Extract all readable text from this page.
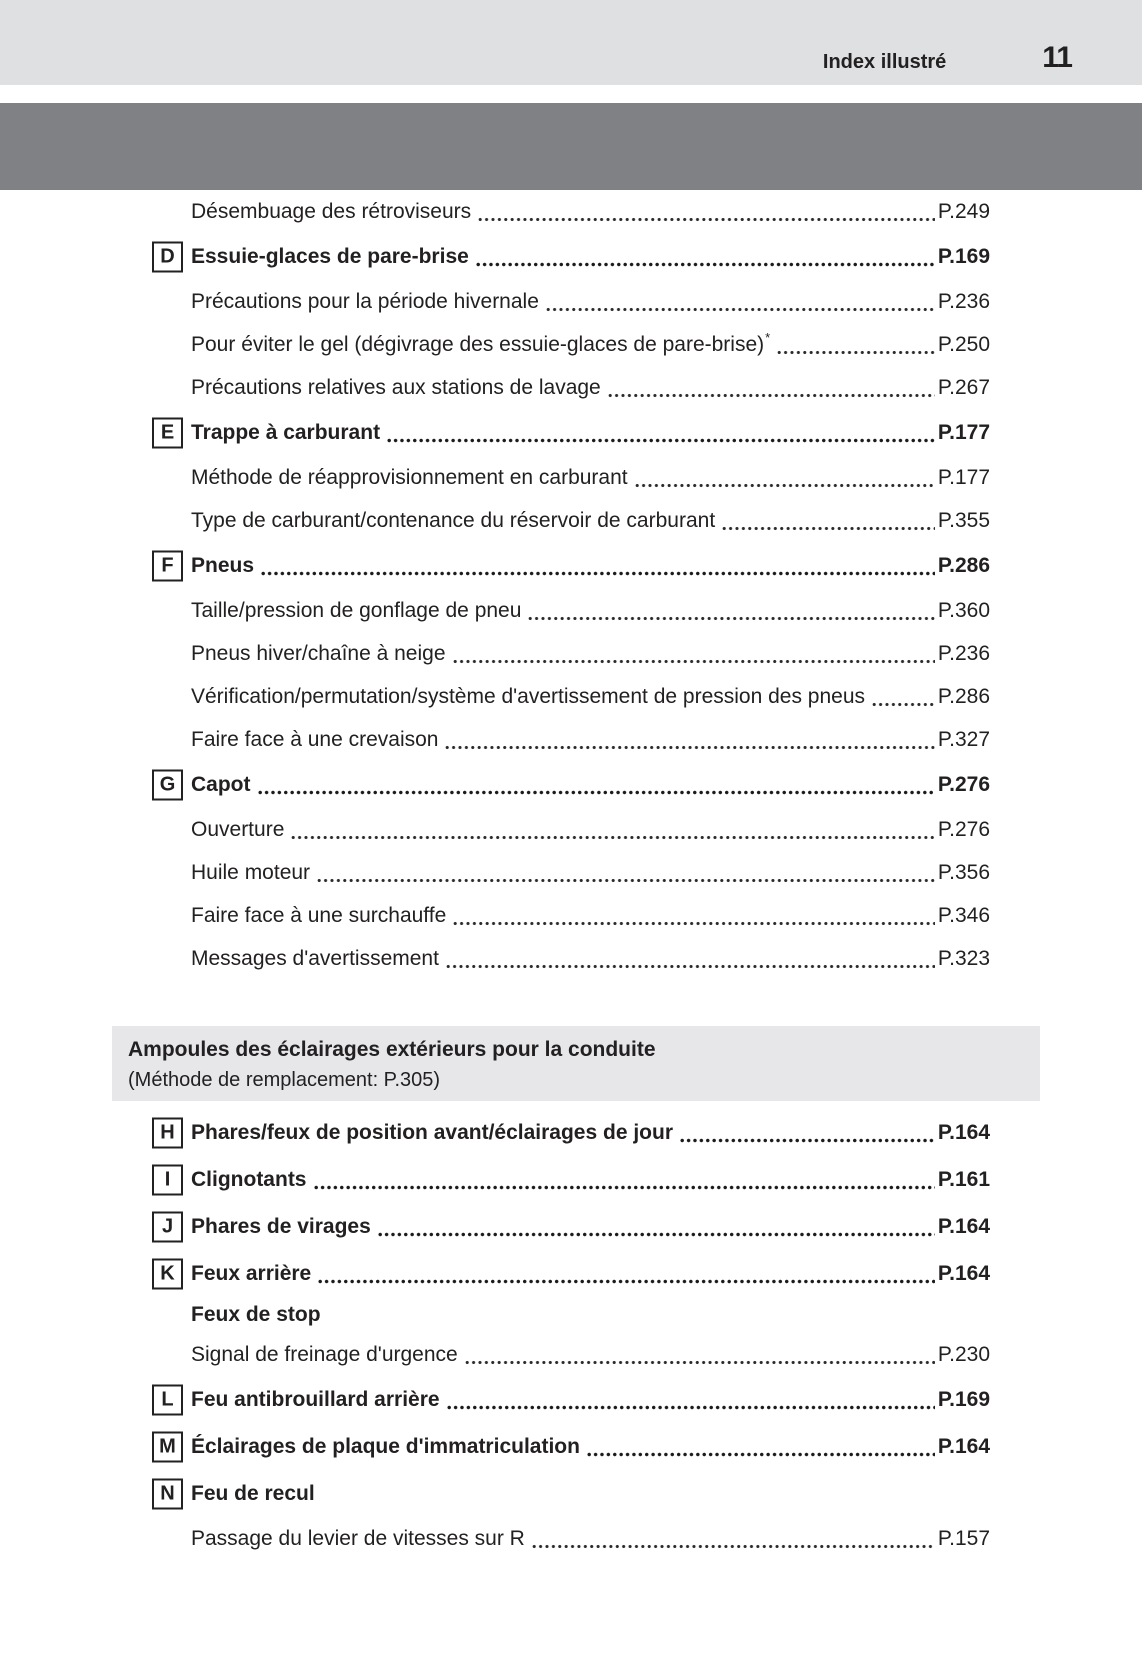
Index illustré	11
Désembuage des rétroviseurs	P.249
D Essuie-glaces de pare-brise	P.169
Précautions pour la période hivernale	P.236
Pour éviter le gel (dégivrage des essuie-glaces de pare-brise)*	P.250
Précautions relatives aux stations de lavage	P.267
E Trappe à carburant	P.177
Méthode de réapprovisionnement en carburant	P.177
Type de carburant/contenance du réservoir de carburant	P.355
F Pneus	P.286
Taille/pression de gonflage de pneu	P.360
Pneus hiver/chaîne à neige	P.236
Vérification/permutation/système d'avertissement de pression des pneus	P.286
Faire face à une crevaison	P.327
G Capot	P.276
Ouverture	P.276
Huile moteur	P.356
Faire face à une surchauffe	P.346
Messages d'avertissement	P.323
Ampoules des éclairages extérieurs pour la conduite
(Méthode de remplacement: P.305)
H Phares/feux de position avant/éclairages de jour	P.164
I Clignotants	P.161
J Phares de virages	P.164
K Feux arrière	P.164
Feux de stop
Signal de freinage d'urgence	P.230
L Feu antibrouillard arrière	P.169
M Éclairages de plaque d'immatriculation	P.164
N Feu de recul
Passage du levier de vitesses sur R	P.157
